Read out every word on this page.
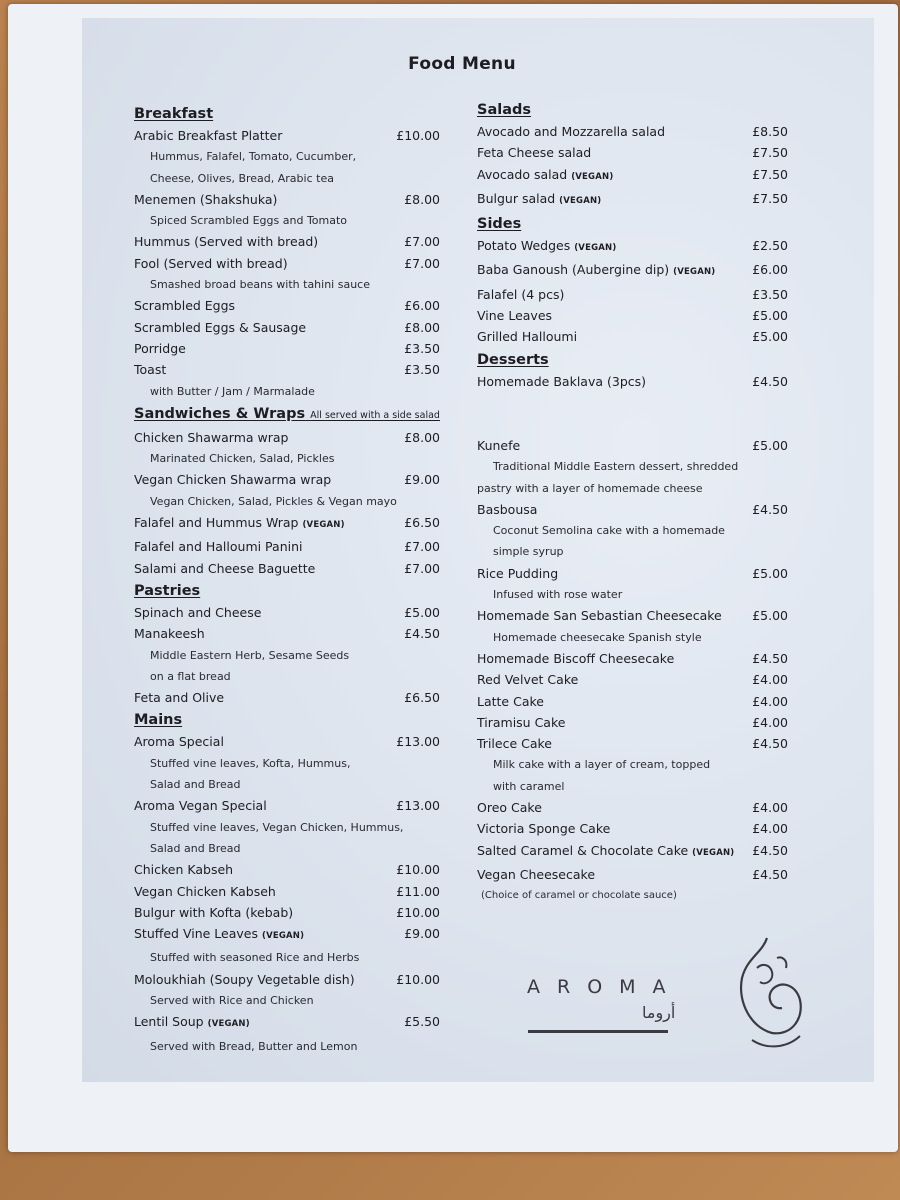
Food Menu
Breakfast
Arabic Breakfast Platter	£10.00
Hummus, Falafel, Tomato, Cucumber,
Cheese, Olives, Bread, Arabic tea
Menemen (Shakshuka)	£8.00
Spiced Scrambled Eggs and Tomato
Hummus (Served with bread)	£7.00
Fool (Served with bread)	£7.00
Smashed broad beans with tahini sauce
Scrambled Eggs	£6.00
Scrambled Eggs & Sausage	£8.00
Porridge	£3.50
Toast	£3.50
with Butter / Jam / Marmalade
Sandwiches & Wraps All served with a side salad
Chicken Shawarma wrap	£8.00
Marinated Chicken, Salad, Pickles
Vegan Chicken Shawarma wrap	£9.00
Vegan Chicken, Salad, Pickles & Vegan mayo
Falafel and Hummus Wrap (VEGAN)	£6.50
Falafel and Halloumi Panini	£7.00
Salami and Cheese Baguette	£7.00
Pastries
Spinach and Cheese	£5.00
Manakeesh	£4.50
Middle Eastern Herb, Sesame Seeds
on a flat bread
Feta and Olive	£6.50
Mains
Aroma Special	£13.00
Stuffed vine leaves, Kofta, Hummus,
Salad and Bread
Aroma Vegan Special	£13.00
Stuffed vine leaves, Vegan Chicken, Hummus,
Salad and Bread
Chicken Kabseh	£10.00
Vegan Chicken Kabseh	£11.00
Bulgur with Kofta (kebab)	£10.00
Stuffed Vine Leaves (VEGAN)	£9.00
Stuffed with seasoned Rice and Herbs
Moloukhiah (Soupy Vegetable dish)	£10.00
Served with Rice and Chicken
Lentil Soup (VEGAN)	£5.50
Served with Bread, Butter and Lemon
Salads
Avocado and Mozzarella salad	£8.50
Feta Cheese salad	£7.50
Avocado salad (VEGAN)	£7.50
Bulgur salad (VEGAN)	£7.50
Sides
Potato Wedges (VEGAN)	£2.50
Baba Ganoush (Aubergine dip) (VEGAN)	£6.00
Falafel (4 pcs)	£3.50
Vine Leaves	£5.00
Grilled Halloumi	£5.00
Desserts
Homemade Baklava (3pcs)	£4.50
Kunefe	£5.00
Traditional Middle Eastern dessert, shredded
pastry with a layer of homemade cheese
Basbousa	£4.50
Coconut Semolina cake with a homemade
simple syrup
Rice Pudding	£5.00
Infused with rose water
Homemade San Sebastian Cheesecake £5.00
Homemade cheesecake Spanish style
Homemade Biscoff Cheesecake	£4.50
Red Velvet Cake	£4.00
Latte Cake	£4.00
Tiramisu Cake	£4.00
Trilece Cake	£4.50
Milk cake with a layer of cream, topped
with caramel
Oreo Cake	£4.00
Victoria Sponge Cake	£4.00
Salted Caramel & Chocolate Cake (VEGAN) £4.50
Vegan Cheesecake	£4.50
(Choice of caramel or chocolate sauce)
AROMA
أروما
